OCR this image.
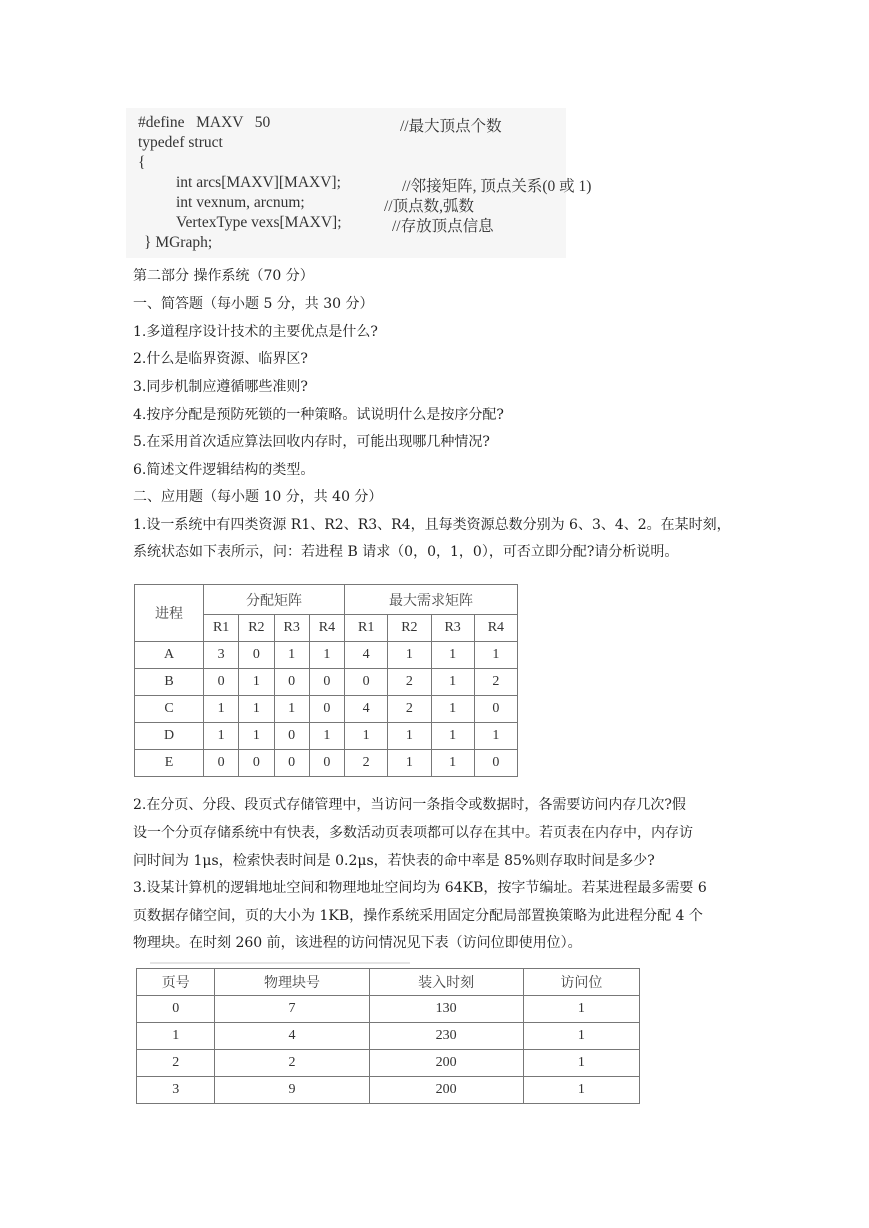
#define   MAXV   50	//最大顶点个数
typedef struct
{
int arcs[MAXV][MAXV];	//邻接矩阵, 顶点关系(0 或 1)
int vexnum, arcnum;	//顶点数,弧数
VertexType vexs[MAXV];	//存放顶点信息
} MGraph;
第二部分 操作系统（70 分）
一、简答题（每小题 5 分，共 30 分）
1.多道程序设计技术的主要优点是什么?
2.什么是临界资源、临界区?
3.同步机制应遵循哪些准则?
4.按序分配是预防死锁的一种策略。试说明什么是按序分配?
5.在采用首次适应算法回收内存时，可能出现哪几种情况?
6.简述文件逻辑结构的类型。
二、应用题（每小题 10 分，共 40 分）
1.设一系统中有四类资源 R1、R2、R3、R4，且每类资源总数分别为 6、3、4、2。在某时刻，
系统状态如下表所示，问：若进程 B 请求（0，0，1，0），可否立即分配?请分析说明。
进程	分配矩阵				最大需求矩阵			
	R1	R2	R3	R4	R1	R2	R3	R4
A	3	0	1	1	4	1	1	1
B	0	1	0	0	0	2	1	2
C	1	1	1	0	4	2	1	0
D	1	1	0	1	1	1	1	1
E	0	0	0	0	2	1	1	0
2.在分页、分段、段页式存储管理中，当访问一条指令或数据时，各需要访问内存几次?假
设一个分页存储系统中有快表，多数活动页表项都可以存在其中。若页表在内存中，内存访
问时间为 1μs，检索快表时间是 0.2μs，若快表的命中率是 85%则存取时间是多少?
3.设某计算机的逻辑地址空间和物理地址空间均为 64KB，按字节编址。若某进程最多需要 6
页数据存储空间，页的大小为 1KB，操作系统采用固定分配局部置换策略为此进程分配 4 个
物理块。在时刻 260 前，该进程的访问情况见下表（访问位即使用位）。
页号	物理块号	装入时刻	访问位
0	7	130	1
1	4	230	1
2	2	200	1
3	9	200	1
